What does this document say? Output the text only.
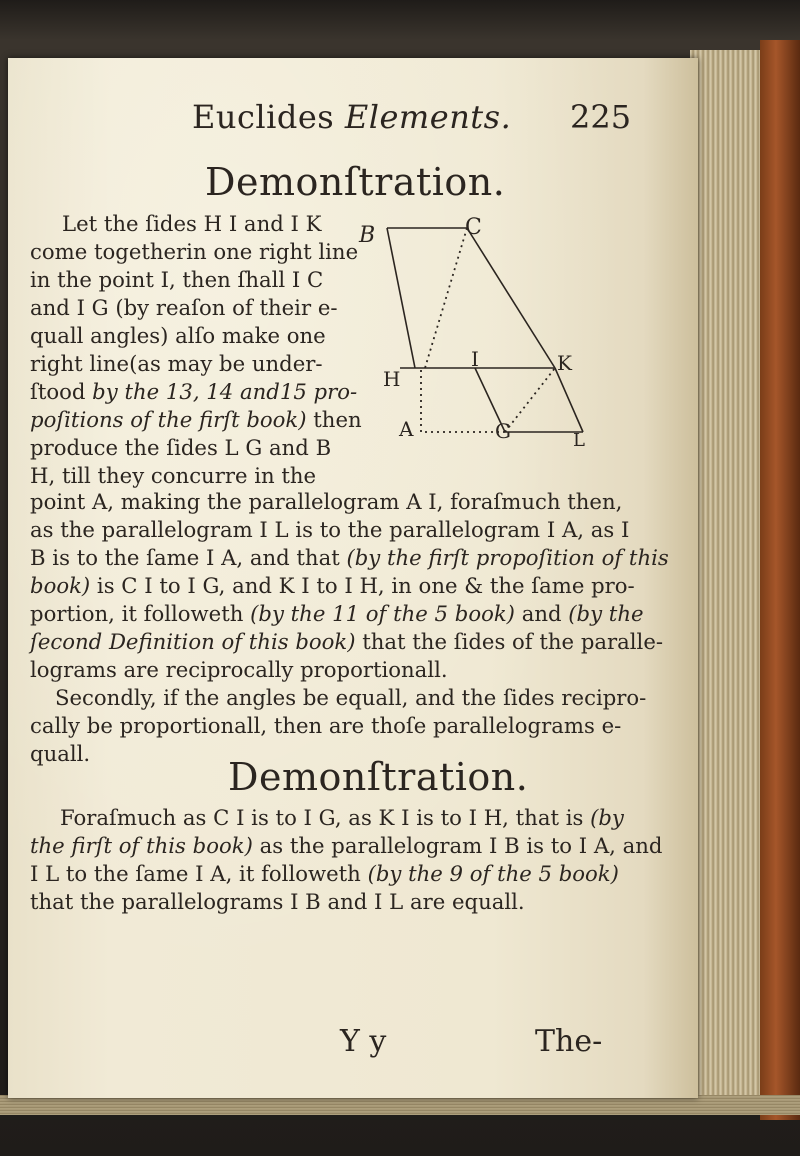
Euclides Elements. 225
Demonſtration.
B	C
H
I	K
A	G	L
Let the ſides H I and I K
come togetherin one right line
in the point I, then ſhall I C
and I G (by reaſon of their e-
quall angles) alſo make one
right line(as may be under-
ſtood by the 13, 14 and15 pro-
poſitions of the firſt book) then
produce the ſides L G and B
H, till they concurre in the
point A, making the parallelogram A I, foraſmuch then,
as the parallelogram I L is to the parallelogram I A, as I
B is to the ſame I A, and that (by the firſt propoſition of this
book) is C I to I G, and K I to I H, in one & the ſame pro-
portion, it followeth (by the 11 of the 5 book) and (by the
ſecond Definition of this book) that the ſides of the paralle-
lograms are reciprocally proportionall.
Secondly, if the angles be equall, and the ſides recipro-
cally be proportionall, then are thoſe parallelograms e-
quall.
Foraſmuch as C I is to I G, as K I is to I H, that is (by
the firſt of this book) as the parallelogram I B is to I A, and
I L to the ſame I A, it followeth (by the 9 of the 5 book)
that the parallelograms I B and I L are equall.
Demonſtration.
Y y	The-
